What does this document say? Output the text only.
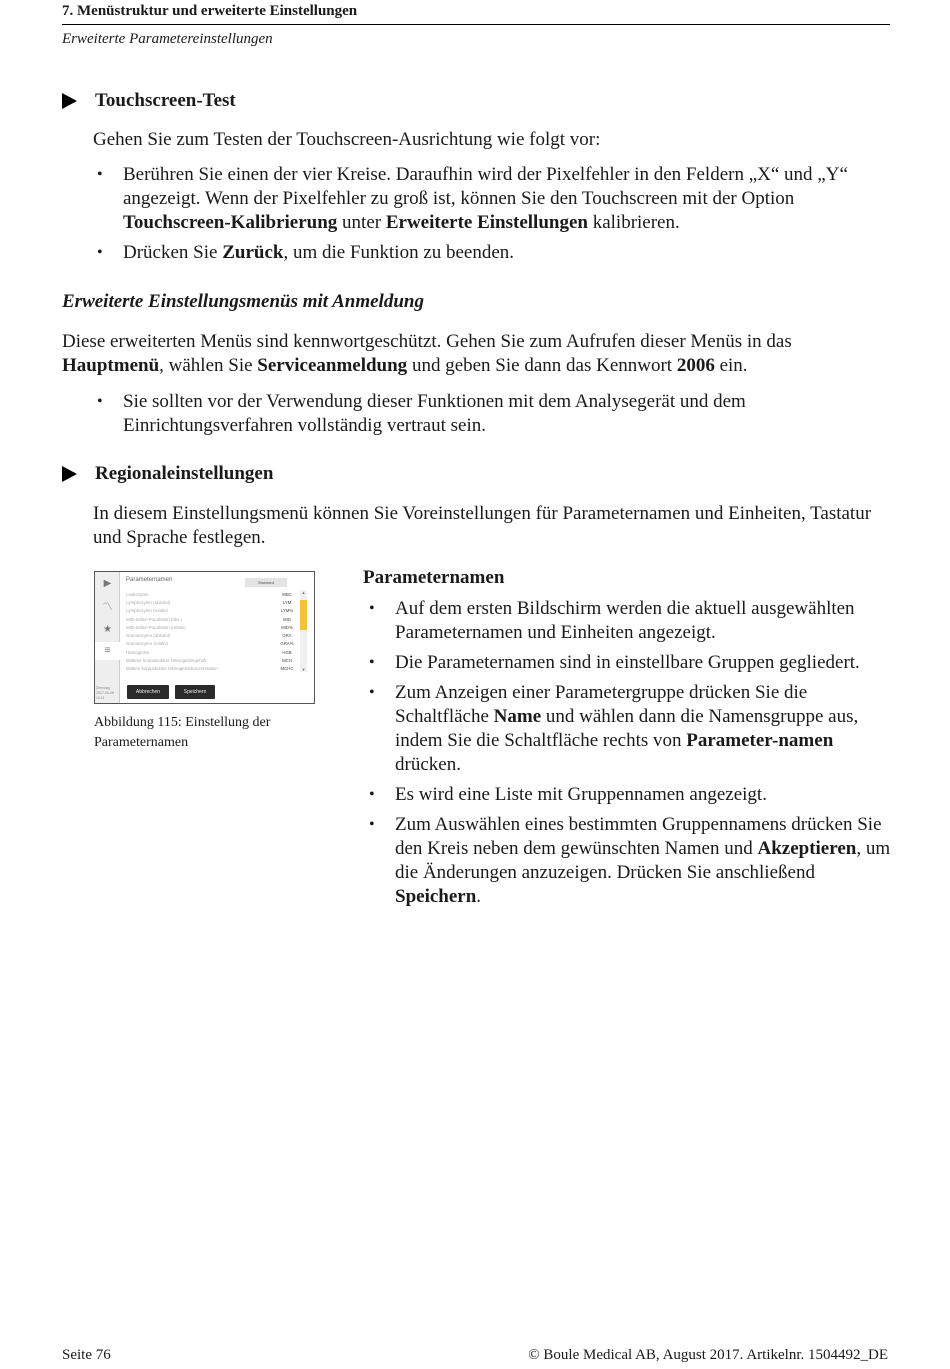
7. Menüstruktur und erweiterte Einstellungen
Erweiterte Parametereinstellungen
Touchscreen-Test
Gehen Sie zum Testen der Touchscreen-Ausrichtung wie folgt vor:
• Berühren Sie einen der vier Kreise. Daraufhin wird der Pixelfehler in den Feldern „X“ und „Y“ angezeigt. Wenn der Pixelfehler zu groß ist, können Sie den Touchscreen mit der Option Touchscreen-Kalibrierung unter Erweiterte Einstellungen kalibrieren.
• Drücken Sie Zurück, um die Funktion zu beenden.
Erweiterte Einstellungsmenüs mit Anmeldung
Diese erweiterten Menüs sind kennwortgeschützt. Gehen Sie zum Aufrufen dieser Menüs in das Hauptmenü, wählen Sie Serviceanmeldung und geben Sie dann das Kennwort 2006 ein.
• Sie sollten vor der Verwendung dieser Funktionen mit dem Analysegerät und dem Einrichtungsverfahren vollständig vertraut sein.
Regionaleinstellungen
In diesem Einstellungsmenü können Sie Voreinstellungen für Parameternamen und Einheiten, Tastatur und Sprache festlegen.
▶
〽
★
≡
Dienstag 2017-06-08 10:11
Parameternamen	Standard
Leukozyten	WBC
Lymphozyten (absolut)	LYM
Lymphozyten (relativ)	LYM%
MID-Zellen-Population (abs.)	MID
MID-Zellen-Population (relativ)	MID%
Granulozyten (absolut)	GRA
Granulozyten (relativ)	GRA%
Hämoglobin	HGB
Mittlerer korpuskulärer Hämoglobingehalt	MCH
Mittlere korpuskuläre Hämoglobinkonzentration	MCHC
▲
▼
Abbrechen	Speichern
Abbildung 115: Einstellung der Parameternamen
Parameternamen
• Auf dem ersten Bildschirm werden die aktuell ausgewählten Parameternamen und Einheiten angezeigt.
• Die Parameternamen sind in einstellbare Gruppen gegliedert.
• Zum Anzeigen einer Parametergruppe drücken Sie die Schaltfläche Name und wählen dann die Namensgruppe aus, indem Sie die Schaltfläche rechts von Parameter-namen drücken.
• Es wird eine Liste mit Gruppennamen angezeigt.
• Zum Auswählen eines bestimmten Gruppennamens drücken Sie den Kreis neben dem gewünschten Namen und Akzeptieren, um die Änderungen anzuzeigen. Drücken Sie anschließend Speichern.
Seite 76	© Boule Medical AB, August 2017. Artikelnr. 1504492_DE
